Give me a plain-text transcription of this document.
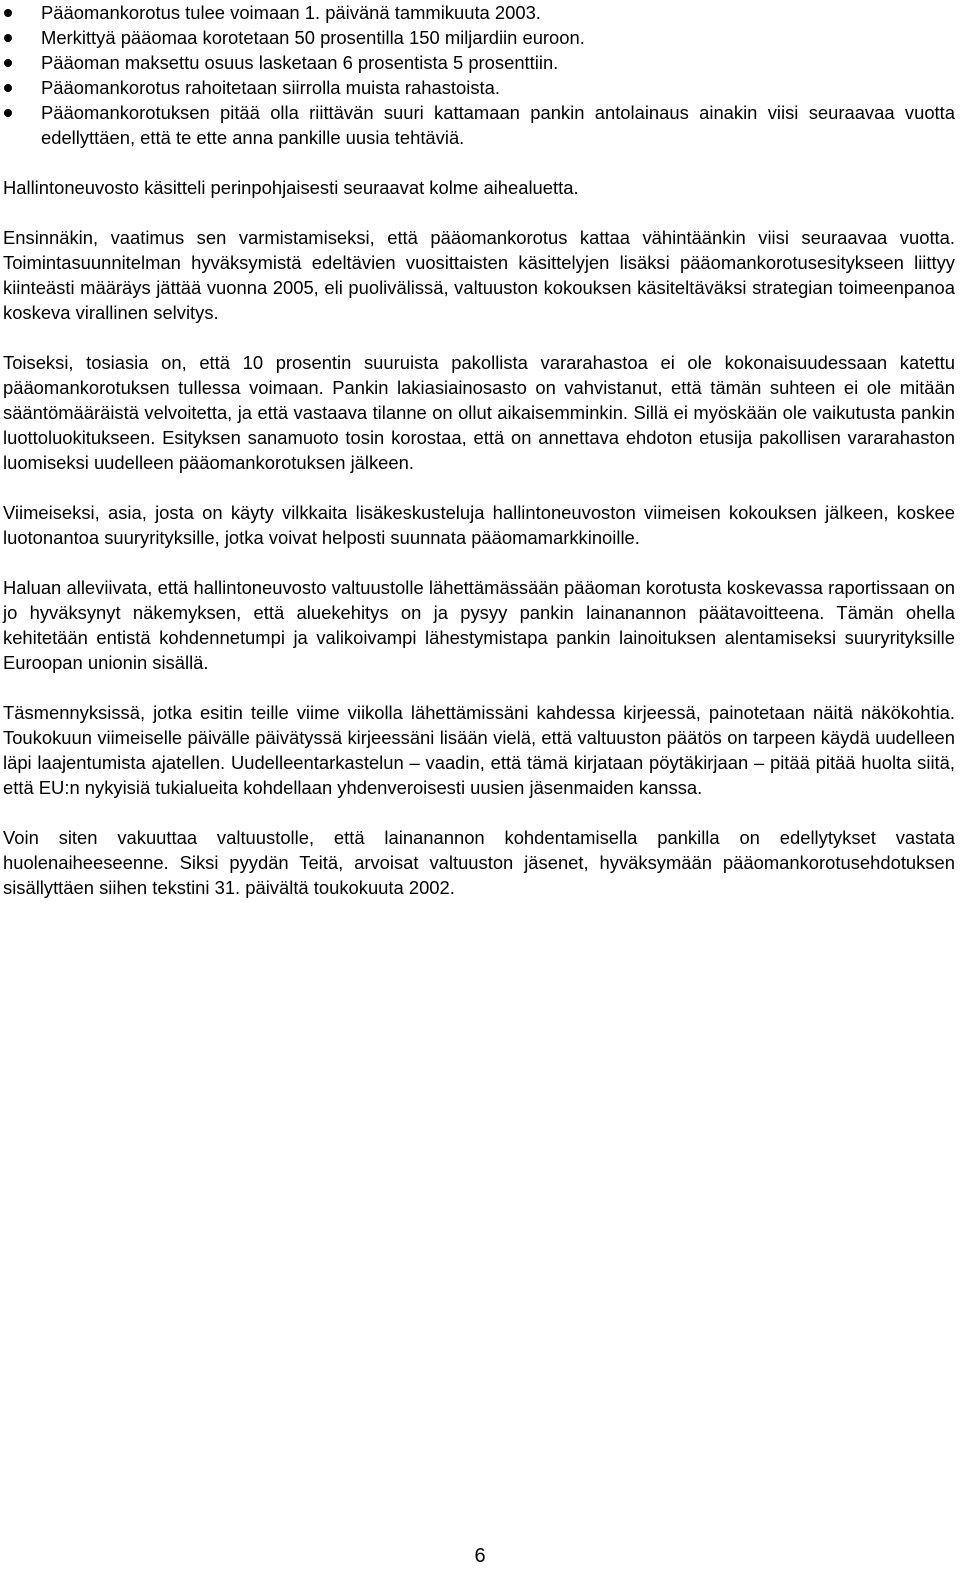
Pääomankorotus tulee voimaan 1. päivänä tammikuuta 2003.
Merkittyä pääomaa korotetaan 50 prosentilla 150 miljardiin euroon.
Pääoman maksettu osuus lasketaan 6 prosentista 5 prosenttiin.
Pääomankorotus rahoitetaan siirrolla muista rahastoista.
Pääomankorotuksen pitää olla riittävän suuri kattamaan pankin antolainaus ainakin viisi seuraavaa vuotta edellyttäen, että te ette anna pankille uusia tehtäviä.

Hallintoneuvosto käsitteli perinpohjaisesti seuraavat kolme aihealuetta.

Ensinnäkin, vaatimus sen varmistamiseksi, että pääomankorotus kattaa vähintäänkin viisi seuraavaa vuotta. Toimintasuunnitelman hyväksymistä edeltävien vuosittaisten käsittelyjen lisäksi pääomankorotusesitykseen liittyy kiinteästi määräys jättää vuonna 2005, eli puolivälissä, valtuuston kokouksen käsiteltäväksi strategian toimeenpanoa koskeva virallinen selvitys.

Toiseksi, tosiasia on, että 10 prosentin suuruista pakollista vararahastoa ei ole kokonaisuudessaan katettu pääomankorotuksen tullessa voimaan. Pankin lakiasiainosasto on vahvistanut, että tämän suhteen ei ole mitään sääntömääräistä velvoitetta, ja että vastaava tilanne on ollut aikaisemminkin. Sillä ei myöskään ole vaikutusta pankin luottoluokitukseen. Esityksen sanamuoto tosin korostaa, että on annettava ehdoton etusija pakollisen vararahaston luomiseksi uudelleen pääomankorotuksen jälkeen.

Viimeiseksi, asia, josta on käyty vilkkaita lisäkeskusteluja hallintoneuvoston viimeisen kokouksen jälkeen, koskee luotonantoa suuryrityksille, jotka voivat helposti suunnata pääomamarkkinoille.

Haluan alleviivata, että hallintoneuvosto valtuustolle lähettämässään pääoman korotusta koskevassa raportissaan on jo hyväksynyt näkemyksen, että aluekehitys on ja pysyy pankin lainanannon päätavoitteena. Tämän ohella kehitetään entistä kohdennetumpi ja valikoivampi lähestymistapa pankin lainoituksen alentamiseksi suuryrityksille Euroopan unionin sisällä.

Täsmennyksissä, jotka esitin teille viime viikolla lähettämissäni kahdessa kirjeessä, painotetaan näitä näkökohtia. Toukokuun viimeiselle päivälle päivätyssä kirjeessäni lisään vielä, että valtuuston päätös on tarpeen käydä uudelleen läpi laajentumista ajatellen. Uudelleentarkastelun – vaadin, että tämä kirjataan pöytäkirjaan – pitää pitää huolta siitä, että EU:n nykyisiä tukialueita kohdellaan yhdenveroisesti uusien jäsenmaiden kanssa.

Voin siten vakuuttaa valtuustolle, että lainanannon kohdentamisella pankilla on edellytykset vastata huolenaiheeseenne. Siksi pyydän Teitä, arvoisat valtuuston jäsenet, hyväksymään pääomankorotusehdotuksen sisällyttäen siihen tekstini 31. päivältä toukokuuta 2002.

6
